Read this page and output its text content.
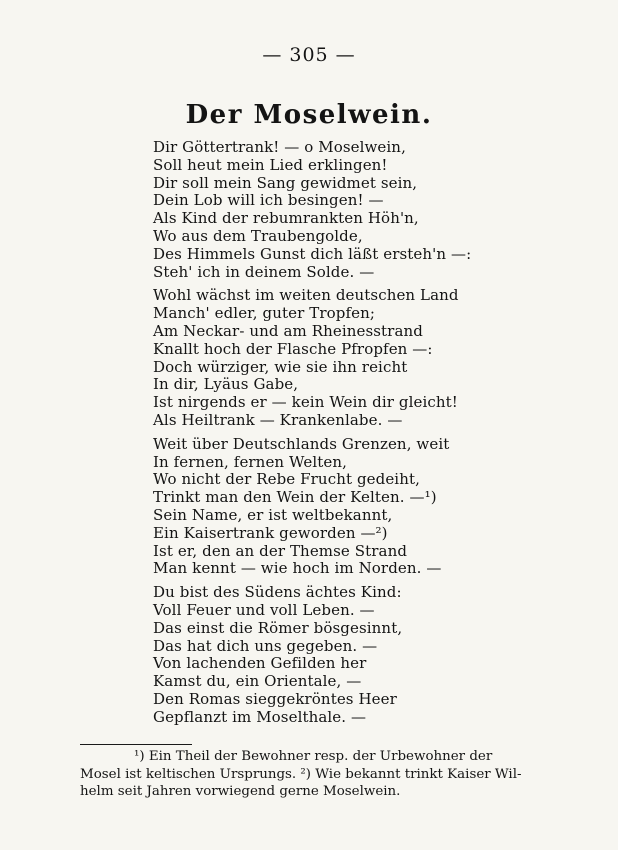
— 305 —
Der Moselwein.
Dir Göttertrank! — o Moselwein,
Soll heut mein Lied erklingen!
Dir soll mein Sang gewidmet sein,
Dein Lob will ich besingen! —
Als Kind der rebumrankten Höh'n,
Wo aus dem Traubengolde,
Des Himmels Gunst dich läßt ersteh'n —:
Steh' ich in deinem Solde. —
Wohl wächst im weiten deutschen Land
Manch' edler, guter Tropfen;
Am Neckar- und am Rheinesstrand
Knallt hoch der Flasche Pfropfen —:
Doch würziger, wie sie ihn reicht
In dir, Lyäus Gabe,
Ist nirgends er — kein Wein dir gleicht!
Als Heiltrank — Krankenlabe. —
Weit über Deutschlands Grenzen, weit
In fernen, fernen Welten,
Wo nicht der Rebe Frucht gedeiht,
Trinkt man den Wein der Kelten. —¹)
Sein Name, er ist weltbekannt,
Ein Kaisertrank geworden —²)
Ist er, den an der Themse Strand
Man kennt — wie hoch im Norden. —
Du bist des Südens ächtes Kind:
Voll Feuer und voll Leben. —
Das einst die Römer bösgesinnt,
Das hat dich uns gegeben. —
Von lachenden Gefilden her
Kamst du, ein Orientale, —
Den Romas sieggekröntes Heer
Gepflanzt im Moselthale. —
¹) Ein Theil der Bewohner resp. der Urbewohner der
Mosel ist keltischen Ursprungs. ²) Wie bekannt trinkt Kaiser Wil-
helm seit Jahren vorwiegend gerne Moselwein.
